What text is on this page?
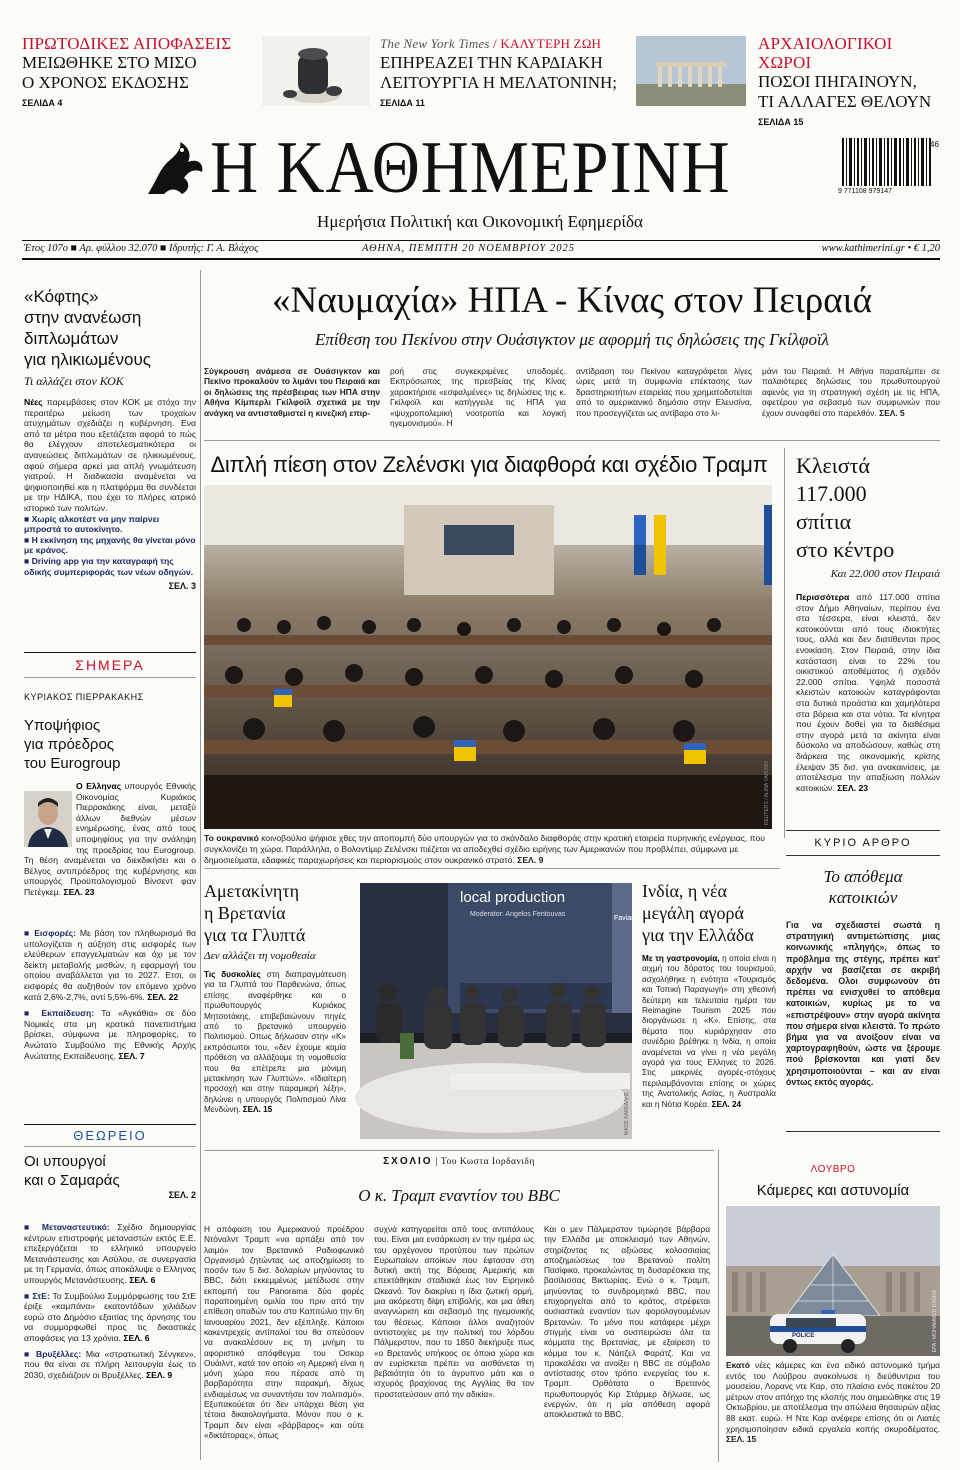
ΠΡΩΤΟΔΙΚΕΣ ΑΠΟΦΑΣΕΙΣ
ΜΕΙΩΘΗΚΕ ΣΤΟ ΜΙΣΟ
Ο ΧΡΟΝΟΣ ΕΚΔΟΣΗΣ
ΣΕΛΙΔΑ 4
The New York Times / ΚΑΛΥΤΕΡΗ ΖΩΗ
ΕΠΗΡΕΑΖΕΙ ΤΗΝ ΚΑΡΔΙΑΚΗ
ΛΕΙΤΟΥΡΓΙΑ Η ΜΕΛΑΤΟΝΙΝΗ;
ΣΕΛΙΔΑ 11
ΑΡΧΑΙΟΛΟΓΙΚΟΙ ΧΩΡΟΙ
ΠΟΣΟΙ ΠΗΓΑΙΝΟΥΝ,
ΤΙ ΑΛΛΑΓΕΣ ΘΕΛΟΥΝ
ΣΕΛΙΔΑ 15
Η ΚΑΘΗΜΕΡΙΝΗ
Ημερήσια Πολιτική και Οικονομική Εφημερίδα
9 771108 979147
46
Έτος 107ο ■ Αρ. φύλλου 32.070 ■ Ιδρυτής: Γ. Α. Βλάχος	ΑΘΗΝΑ, ΠΕΜΠΤΗ 20 ΝΟΕΜΒΡΙΟΥ 2025	www.kathimerini.gr • € 1,20
«Κόφτης»
στην ανανέωση
διπλωμάτων
για ηλικιωμένους
Τι αλλάζει στον ΚΟΚ

Νέες παρεμβάσεις στον ΚΟΚ με στόχο την περαιτέρω μείωση των τροχαίων ατυχημάτων σχεδιάζει η κυβέρνηση. Ενα από τα μέτρα που εξετάζεται αφορά το πώς θα ελέγχουν αποτελεσματικότερα οι ανανεώσεις διπλωμάτων σε ηλικιωμένους, αφού σήμερα αρκεί μια απλή γνωμάτευση γιατρού. Η διαδικασία αναμένεται να ψηφιοποιηθεί και η πλατφόρμα θα συνδέεται με την ΗΔΙΚΑ, που έχει το πλήρες ιατρικό ιστορικό των πολιτών.

■ Χωρίς αλκοτέστ να μην παίρνει μπροστά το αυτοκίνητο.
■ Η εκκίνηση της μηχανής θα γίνεται μόνο με κράνος.
■ Driving app για την καταγραφή της οδικής συμπεριφοράς των νέων οδηγών.
ΣΕΛ. 3
ΣΗΜΕΡΑ
ΚΥΡΙΑΚΟΣ ΠΙΕΡΡΑΚΑΚΗΣ
Υποψήφιος
για πρόεδρος
του Eurogroup

Ο Ελληνας υπουργός Εθνικής Οικονομίας Κυριάκος Πιερρακάκης είναι, μεταξύ άλλων διεθνών μέσων ενημέρωσης, ένας από τους υποψηφίους για την ανάληψη της προεδρίας του Eurogroup. Τη θέση αναμένεται να διεκδικήσει και ο Βέλγος αντιπρόεδρος της κυβέρνησης και υπουργός Προϋπολογισμού Βίνσεντ φαν Πετέγκεμ. ΣΕΛ. 23

■ Εισφορές: Με βάση τον πληθωρισμό θα υπολογίζεται η αύξηση στις εισφορές των ελεύθερων επαγγελματιών και όχι με τον δείκτη μεταβολής μισθών, η εφαρμογή του οποίου αναβάλλεται για το 2027. Ετσι, οι εισφορές θα αυξηθούν τον επόμενο χρόνο κατά 2,6%-2,7%, αντί 5,5%-6%. ΣΕΛ. 22

■ Εκπαίδευση: Τα «Αγκάθια» σε δύο Νομικές στα μη κρατικά πανεπιστήμια βρίσκει, σύμφωνα με πληροφορίες, το Ανώτατο Συμβούλιο της Εθνικής Αρχής Ανώτατης Εκπαίδευσης. ΣΕΛ. 7

ΘΕΩΡΕΙΟ
Οι υπουργοί
και ο Σαμαράς
ΣΕΛ. 2

■ Μεταναστευτικό: Σχέδιο δημιουργίας κέντρων επιστροφής μεταναστών εκτός Ε.Ε. επεξεργάζεται το ελληνικό υπουργείο Μετανάστευσης και Ασύλου, σε συνεργασία με τη Γερμανία, όπως αποκάλυψε ο Ελληνας υπουργός Μετανάστευσης. ΣΕΛ. 6

■ ΣτΕ: Το Συμβούλιο Συμμόρφωσης του ΣτΕ έριξε «καμπάνα» εκατοντάδων χιλιάδων ευρώ στο Δημόσιο εξαιτίας της άρνησης του να συμμορφωθεί προς τις δικαστικές αποφάσεις για 13 χρόνια. ΣΕΛ. 6

■ Βρυξέλλες: Μια «στρατιωτική Σένγκεν», που θα είναι σε πλήρη λειτουργία έως το 2030, σχεδιάζουν οι Βρυξέλλες. ΣΕΛ. 9

«Ναυμαχία» ΗΠΑ - Κίνας στον Πειραιά
Επίθεση του Πεκίνου στην Ουάσιγκτον με αφορμή τις δηλώσεις της Γκίλφοϊλ

Σύγκρουση ανάμεσα σε Ουάσιγκτον και Πεκίνο προκαλούν το λιμάνι του Πειραιά και οι δηλώσεις της πρέσβειρας των ΗΠΑ στην Αθήνα Κίμπερλι Γκίλφοϊλ σχετικά με την ανάγκη να αντισταθμιστεί η κινεζική επιρ-

ροή στις συγκεκριμένες υποδομές. Εκπρόσωπος της πρεσβείας της Κίνας χαρακτήρισε «εσφαλμένες» τις δηλώσεις της κ. Γκίλφοϊλ και κατήγγειλε τις ΗΠΑ για «ψυχροπολεμική νοοτροπία και λογική ηγεμονισμού». Η

αντίδραση του Πεκίνου καταγράφεται λίγες ώρες μετά τη συμφωνία επέκτασης των δραστηριοτήτων εταιρείας που χρηματοδοτείται από το αμερικανικό δημόσιο στην Ελευσίνα, που προσεγγίζεται ως αντίβαρο στο λι-

μάνι του Πειραιά. Η Αθήνα παραπέμπει σε παλαιότερες δηλώσεις του πρωθυπουργού αφενός για τη στρατηγική σχέση με τις ΗΠΑ, αφετέρου για σεβασμό των συμφωνιών που έχουν συναφθεί στο παρελθόν. ΣΕΛ. 5

Διπλή πίεση στον Ζελένσκι για διαφθορά και σχέδιο Τραμπ
REUTERS / ALINA YAROSH

Το ουκρανικό κοινοβούλιο ψήφισε χθες την αποπομπή δύο υπουργών για το σκάνδαλο διαφθοράς στην κρατική εταιρεία πυρηνικής ενέργειας, που συγκλονίζει τη χώρα. Παράλληλα, ο Βολοντίμιρ Ζελένσκι πιέζεται να αποδεχθεί σχέδιο ειρήνης των Αμερικανών που προβλέπει, σύμφωνα με δημοσιεύματα, εδαφικές παραχωρήσεις και περιορισμούς στον ουκρανικό στρατό. ΣΕΛ. 9

Κλειστά
117.000
σπίτια
στο κέντρο
Και 22.000 στον Πειραιά

Περισσότερα από 117.000 σπίτια στον Δήμο Αθηναίων, περίπου ένα στα τέσσερα, είναι κλειστά, δεν κατοικούνται από τους ιδιοκτήτες τους, αλλά και δεν διατίθενται προς ενοικίαση. Στον Πειραιά, στην ίδια κατάσταση είναι το 22% του οικιστικού αποθέματος ή σχεδόν 22.000 σπίτια. Υψηλά ποσοστά κλειστών κατοικιών καταγράφονται στα δυτικά προάστια και χαμηλότερα στα βόρεια και στα νότια. Τα κίνητρα που έχουν δοθεί για τα διαθέσιμα στην αγορά μετά τα ακίνητα είναι δύσκολο να αποδώσουν, καθώς στη διάρκεια της οικονομικής κρίσης έλειψαν 35 δισ. για ανακαινίσεις, με αποτέλεσμα την απαξίωση πολλών κατοικιών. ΣΕΛ. 23

Αμετακίνητη
η Βρετανία
για τα Γλυπτά
Δεν αλλάζει τη νομοθεσία

Τις δυσκολίες στη διαπραγμάτευση για τα Γλυπτά του Παρθενώνα, όπως επίσης αναφέρθηκε και ο πρωθυπουργός Κυριάκος Μητσοτάκης, επιβεβαιώνουν πηγές από το βρετανικό υπουργείο Πολιτισμού. Οπως δήλωσαν στην «Κ» εκπρόσωποι του, «δεν έχουμε καμία πρόθεση να αλλάξουμε τη νομοθεσία που θα επέτρεπε μια μόνιμη μετακίνηση των Γλυπτών». «Ιδιαίτερη προσοχή και στην παραμικρή λέξη», δηλώνει η υπουργός Πολιτισμού Λίνα Μενδώνη. ΣΕΛ. 15

local production
Moderator: Angelos Fentouvas
Favian
ΝΙΚΟΣ ΚΑΚΚΑΛΗΣ
Ινδία, η νέα
μεγάλη αγορά
για την Ελλάδα

Με τη γαστρονομία, η οποία είναι η αιχμή του δόρατος του τουρισμού, ασχολήθηκε η ενότητα «Τουρισμός και Τοπική Παραγωγή» στη χθεσινή δεύτερη και τελευταία ημέρα του Reimagine Tourism 2025 που διοργάνωσε η «Κ». Επίσης, στα θέματα που κυριάρχησαν στο συνέδριο βρέθηκε η Ινδία, η οποία αναμένεται να γίνει η νέα μεγάλη αγορά για τους Ελληνες το 2026. Στις μακρινές αγορές-στόχους περιλαμβάνονται επίσης οι χώρες της Ανατολικής Ασίας, η Αυστραλία και η Νότια Κορέα. ΣΕΛ. 24

ΚΥΡΙΟ ΑΡΘΡΟ
Το απόθεμα
κατοικιών

Για να σχεδιαστεί σωστά η στρατηγική αντιμετώπισης μιας κοινωνικής «πληγής», όπως το πρόβλημα της στέγης, πρέπει κατ' αρχήν να βασίζεται σε ακριβή δεδομένα. Ολοι συμφωνούν ότι πρέπει να ενισχυθεί το απόθεμα κατοικιών, κυρίως με το να «επιστρέψουν» στην αγορά ακίνητα που σήμερα είναι κλειστά. Το πρώτο βήμα για να ανοίξουν είναι να χαρτογραφηθούν, ώστε να ξέρουμε πού βρίσκονται και γιατί δεν χρησιμοποιούνται – και αν είναι όντως εκτός αγοράς.

ΣΧΟΛΙΟ | Του Κωστα Ιορδανιδη
Ο κ. Τραμπ εναντίον του BBC

Η απόφαση του Αμερικανού προέδρου Ντόναλντ Τραμπ «να αρπάξει από τον λαιμό» τον Βρετανικό Ραδιοφωνικό Οργανισμό ζητώντας ως αποζημίωση το ποσόν των 5 δισ. δολαρίων μηνύοντας το BBC, διότι εκκεμμένως μετέδωσε στην εκπομπή του Panorama δύο φορές παραποιημένη ομιλία του πριν από την επίθεση οπαδών του στο Καπιτώλιο την 6η Ιανουαρίου 2021, δεν εξέπληξε. Κάποιοι κακεντρεχείς αντίπαλοί του θα σπεύσουν να ανακαλέσουν εις τη μνήμη το αφοριστικό απόφθεγμα του Οσκαρ Ουάιλντ, κατά τον οποίο «η Αμερική είναι η μόνη χώρα που πέρασε από τη βαρβαρότητα στην παρακμή, δίχως ενδιαμέσως να συναντήσει τον πολιτισμό». Εξυπακούεται ότι δεν υπάρχει θέση για τέτοια δικαιολογήματα. Μόνον που ο κ. Τραμπ δεν είναι «βάρβαρος» και ούτε «δικτάτορας», όπως

συχνά κατηγορείται από τους αντιπάλους του. Είναι μια ενσάρκωση εν την ημέρα ως του αρχέγονου προτύπου των πρώτων Ευρωπαίων αποίκων που έφτασαν στη δυτική ακτή της Βόρειας Αμερικής και επεκτάθηκαν σταδιακά έως τον Ειρηνικό Ωκεανό. Τον διακρίνει η ίδια ζωτική ορμή, μια ακόρεστη δίψη επιβολής, και μια άθεη αναγνώριση και σεβασμό της ηγεμονικής του θέσεως. Κάποιοι άλλοι αναζητούν αντιστοιχίες με την πολιτική του λόρδου Πάλμερστον, που το 1850 διεκήρυξε πως «ο Βρετανός υπήκοος σε όποια χώρα και αν ευρίσκεται πρέπει να αισθάνεται τη βεβαιότητα ότι το άγρυπνο μάτι και ο ισχυρός βραχίονας της Αγγλίας θα τον προστατεύσουν από την αδικία».

Και ο μεν Πάλμερστον τιμώρησε βάρβαρα την Ελλάδα με αποκλεισμό των Αθηνών, στηρίζοντας τις αξιώσεις κολοσσιαίας αποζημιώσεως του Βρετανού πολίτη Πασίφικο, προκαλώντας τη δυσαρέσκεια της βασίλισσας Βικτωρίας. Ενώ ο κ. Τραμπ, μηνύοντας το συνδρομητικό BBC, που επιχορηγείται από το κράτος, στρέφεται ουσιαστικά εναντίον των φορολογουμένων Βρετανών. Το μόνο που κατάφερε μέχρι στιγμής είναι να συσπειρώσει όλα τα κόμματα της Βρετανίας, με εξαίρεση το κόμμα του κ. Νάιτζελ Φαράτζ. Και να προκαλέσει να ανοίξει η BBC σε σύμβολο αντίστασης στον τρόπο ενεργείας του κ. Τραμπ. Ορθότατα ο Βρετανός πρωθυπουργός Κιρ Στάρμερ δήλωσε, ως ενεργών, ότι η μία απόθεση αφορά αποκλειστικά το BBC.

ΛΟΥΒΡΟ
Κάμερες και αστυνομία
POLICE	EPA / MOHAMMED BADRA

Εκατό νέες κάμερες και ένα ειδικό αστυνομικό τμήμα εντός του Λούβρου ανακοίνωσε η διεύθυντρια του μουσείου, Λορανς ντε Καρ, στο πλαίσιο ενός πακέτου 20 μέτρων στον απόηχο της κλοπής που σημειώθηκε στις 19 Οκτωβρίου, με αποτέλεσμα την απώλεια θησαυρών αξίας 88 εκατ. ευρώ. Η Ντε Καρ ανέφερε επίσης ότι οι Λιατές χρησιμοποίησαν ειδικά εργαλεία κοπής σκυροδέματος. ΣΕΛ. 15
